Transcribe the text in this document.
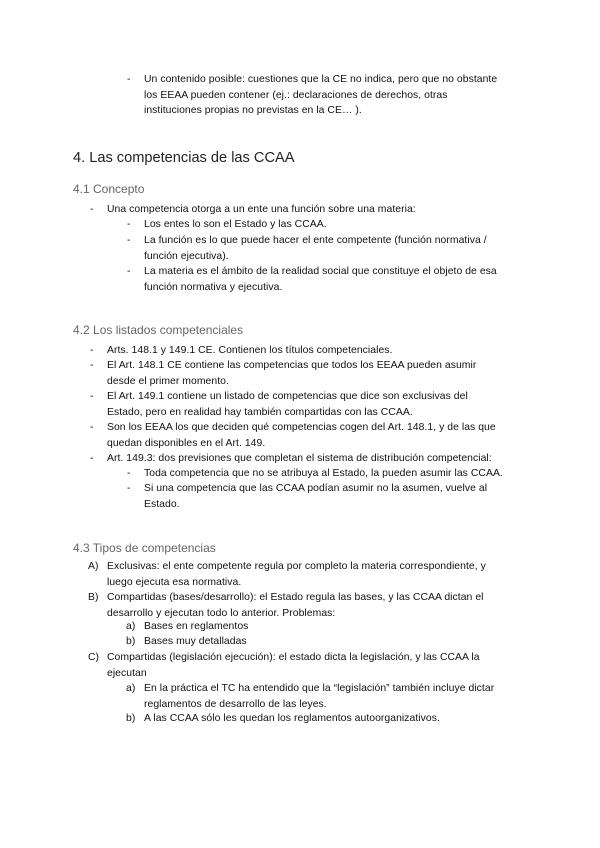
- Un contenido posible: cuestiones que la CE no indica, pero que no obstante
los EEAA pueden contener (ej.: declaraciones de derechos, otras
instituciones propias no previstas en la CE… ).
4. Las competencias de las CCAA
4.1 Concepto
- Una competencia otorga a un ente una función sobre una materia:
- Los entes lo son el Estado y las CCAA.
- La función es lo que puede hacer el ente competente (función normativa /
función ejecutiva).
- La materia es el ámbito de la realidad social que constituye el objeto de esa
función normativa y ejecutiva.
4.2 Los listados competenciales
- Arts. 148.1 y 149.1 CE. Contienen los títulos competenciales.
- El Art. 148.1 CE contiene las competencias que todos los EEAA pueden asumir
desde el primer momento.
- El Art. 149.1 contiene un listado de competencias que dice son exclusivas del
Estado, pero en realidad hay también compartidas con las CCAA.
- Son los EEAA los que deciden qué competencias cogen del Art. 148.1, y de las que
quedan disponibles en el Art. 149.
- Art. 149.3: dos previsiones que completan el sistema de distribución competencial:
- Toda competencia que no se atribuya al Estado, la pueden asumir las CCAA.
- Si una competencia que las CCAA podían asumir no la asumen, vuelve al
Estado.
4.3 Tipos de competencias
A) Exclusivas: el ente competente regula por completo la materia correspondiente, y
luego ejecuta esa normativa.
B) Compartidas (bases/desarrollo): el Estado regula las bases, y las CCAA dictan el
desarrollo y ejecutan todo lo anterior. Problemas:
a) Bases en reglamentos
b) Bases muy detalladas
C) Compartidas (legislación ejecución): el estado dicta la legislación, y las CCAA la
ejecutan
a) En la práctica el TC ha entendido que la “legislación” también incluye dictar
reglamentos de desarrollo de las leyes.
b) A las CCAA sólo les quedan los reglamentos autoorganizativos.
